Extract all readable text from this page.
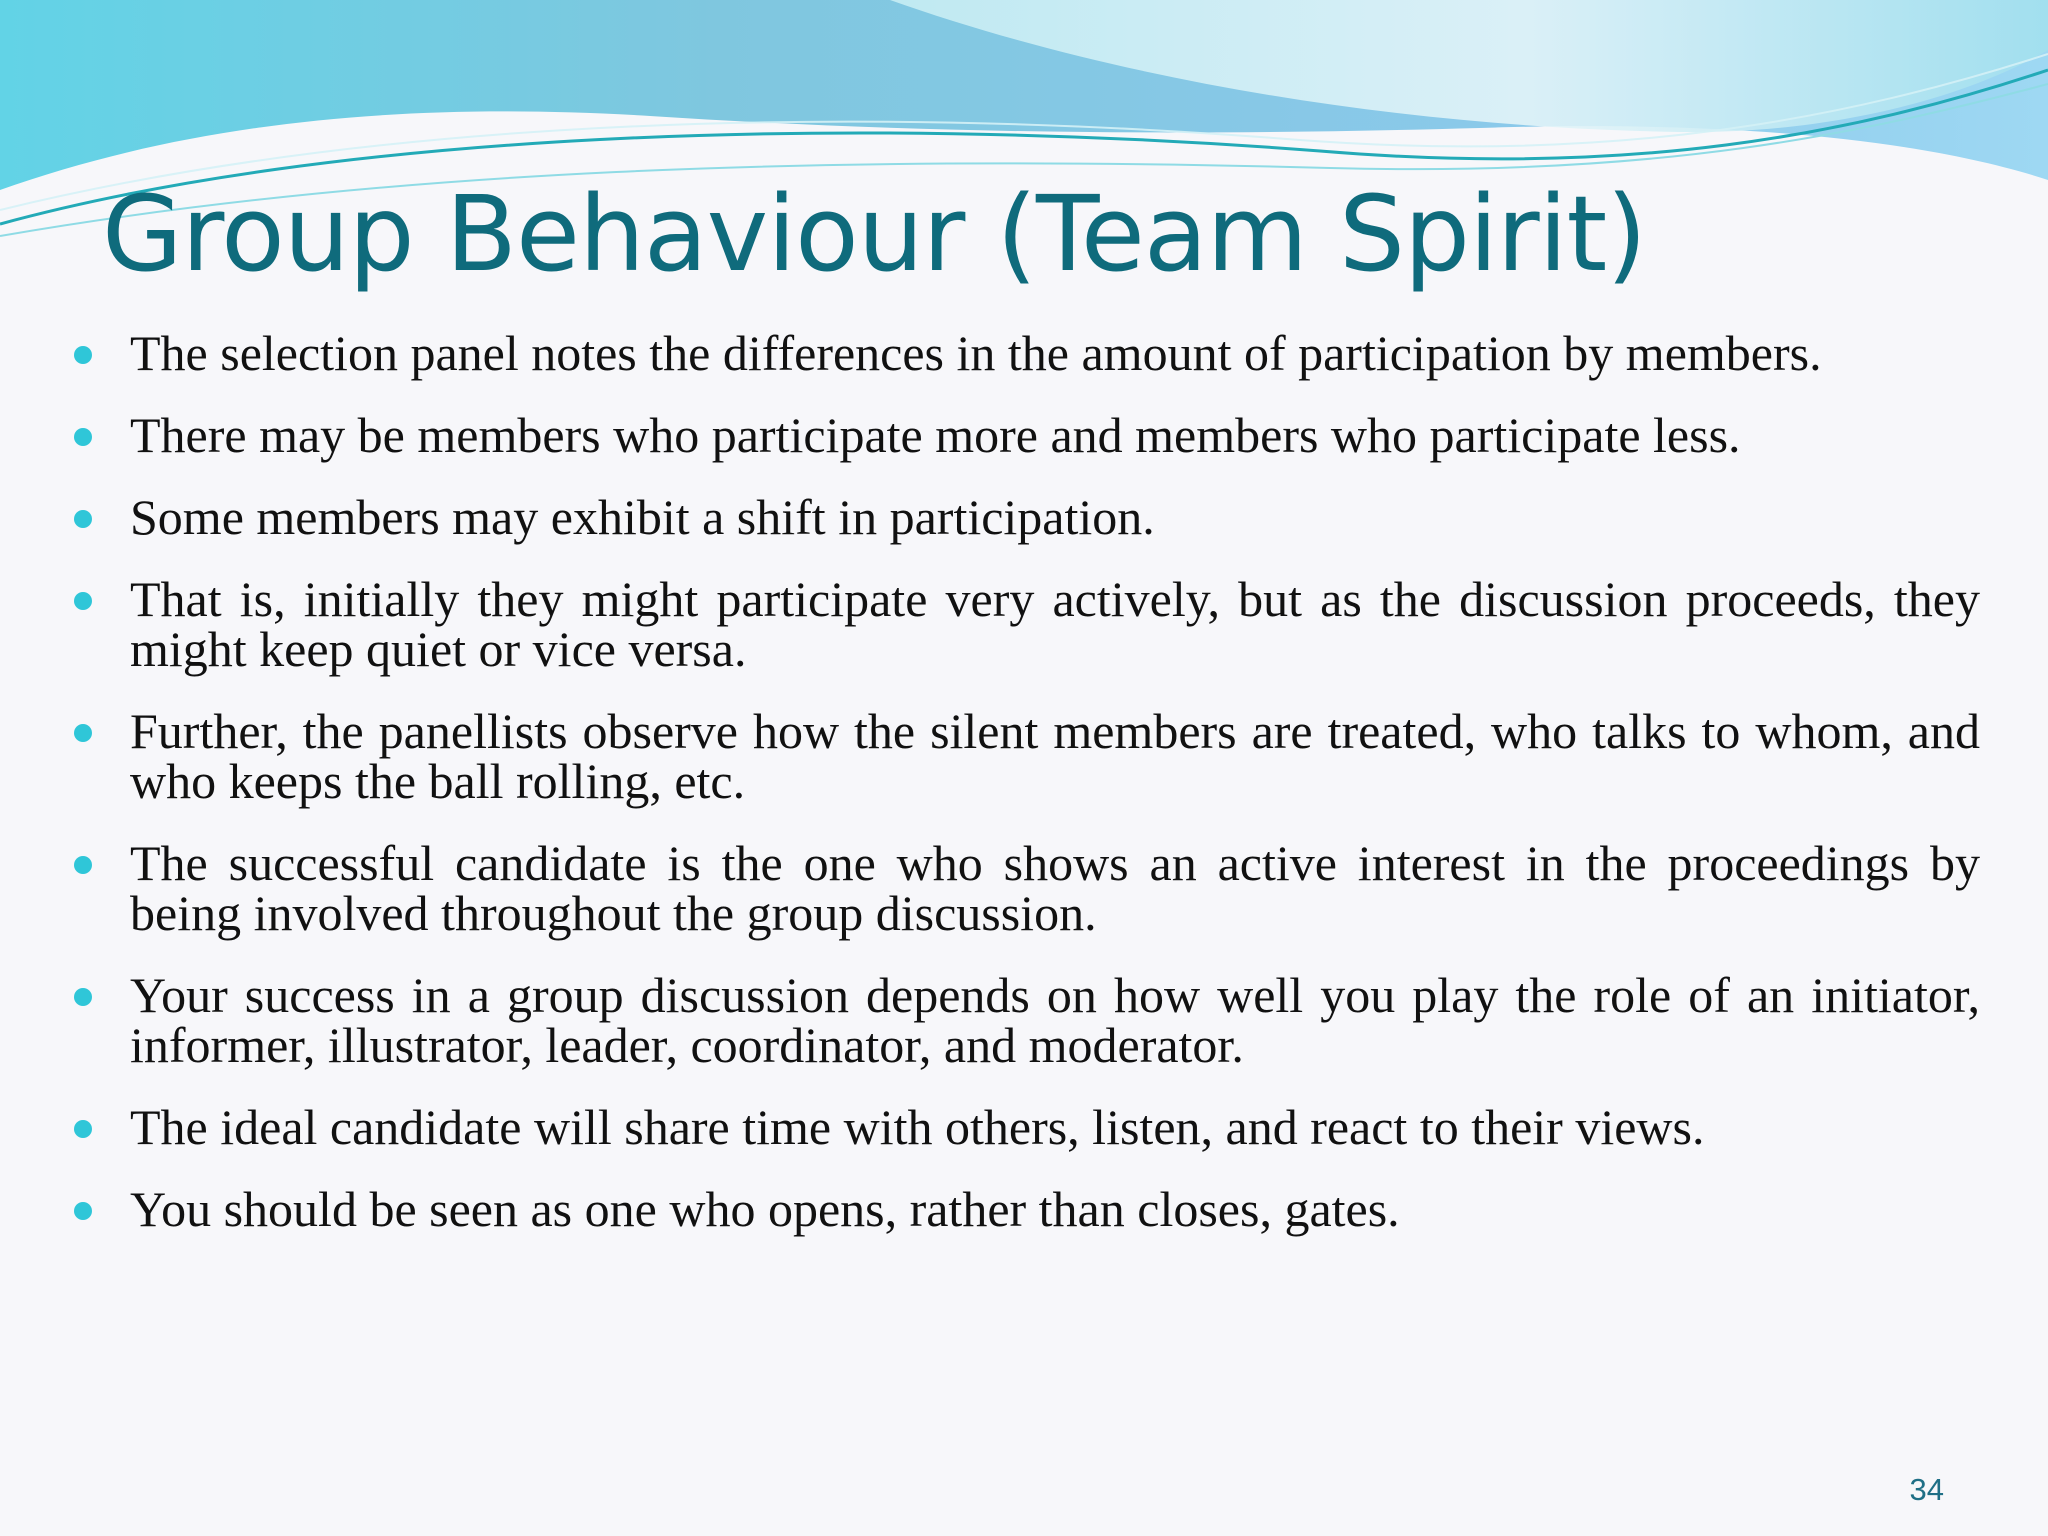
Group Behaviour (Team Spirit)
The selection panel notes the differences in the amount of participation by members.
There may be members who participate more and members who participate less.
Some members may exhibit a shift in participation.
That is, initially they might participate very actively, but as the discussion proceeds, they might keep quiet or vice versa.
Further, the panellists observe how the silent members are treated, who talks to whom, and who keeps the ball rolling, etc.
The successful candidate is the one who shows an active interest in the proceedings by being involved throughout the group discussion.
Your success in a group discussion depends on how well you play the role of an initiator, informer, illustrator, leader, coordinator, and moderator.
The ideal candidate will share time with others, listen, and react to their views.
You should be seen as one who opens, rather than closes, gates.
34
